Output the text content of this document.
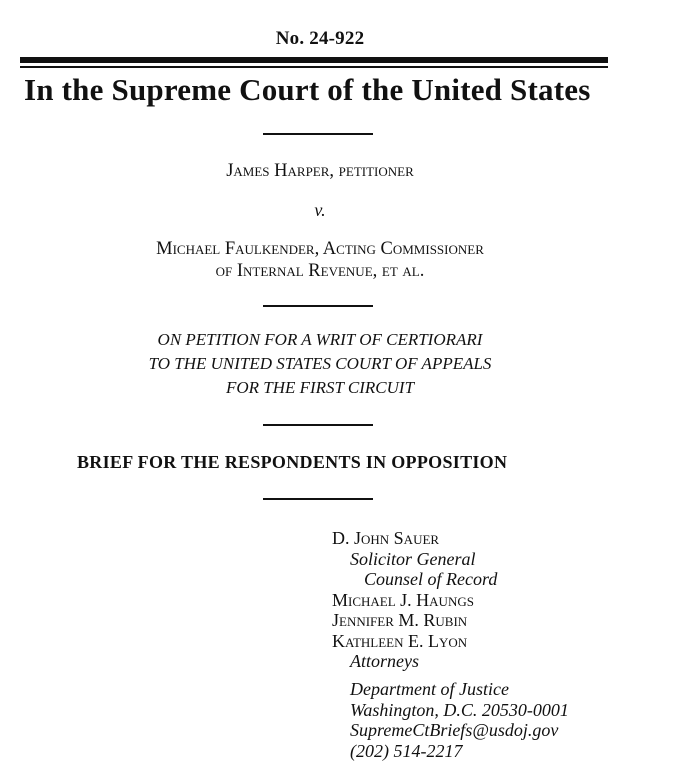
No. 24-922
In the Supreme Court of the United States
James Harper, petitioner
v.
Michael Faulkender, Acting Commissioner
of Internal Revenue, et al.
ON PETITION FOR A WRIT OF CERTIORARI
TO THE UNITED STATES COURT OF APPEALS
FOR THE FIRST CIRCUIT
BRIEF FOR THE RESPONDENTS IN OPPOSITION
D. John Sauer
Solicitor General
Counsel of Record
Michael J. Haungs
Jennifer M. Rubin
Kathleen E. Lyon
Attorneys
Department of Justice
Washington, D.C. 20530-0001
SupremeCtBriefs@usdoj.gov
(202) 514-2217
